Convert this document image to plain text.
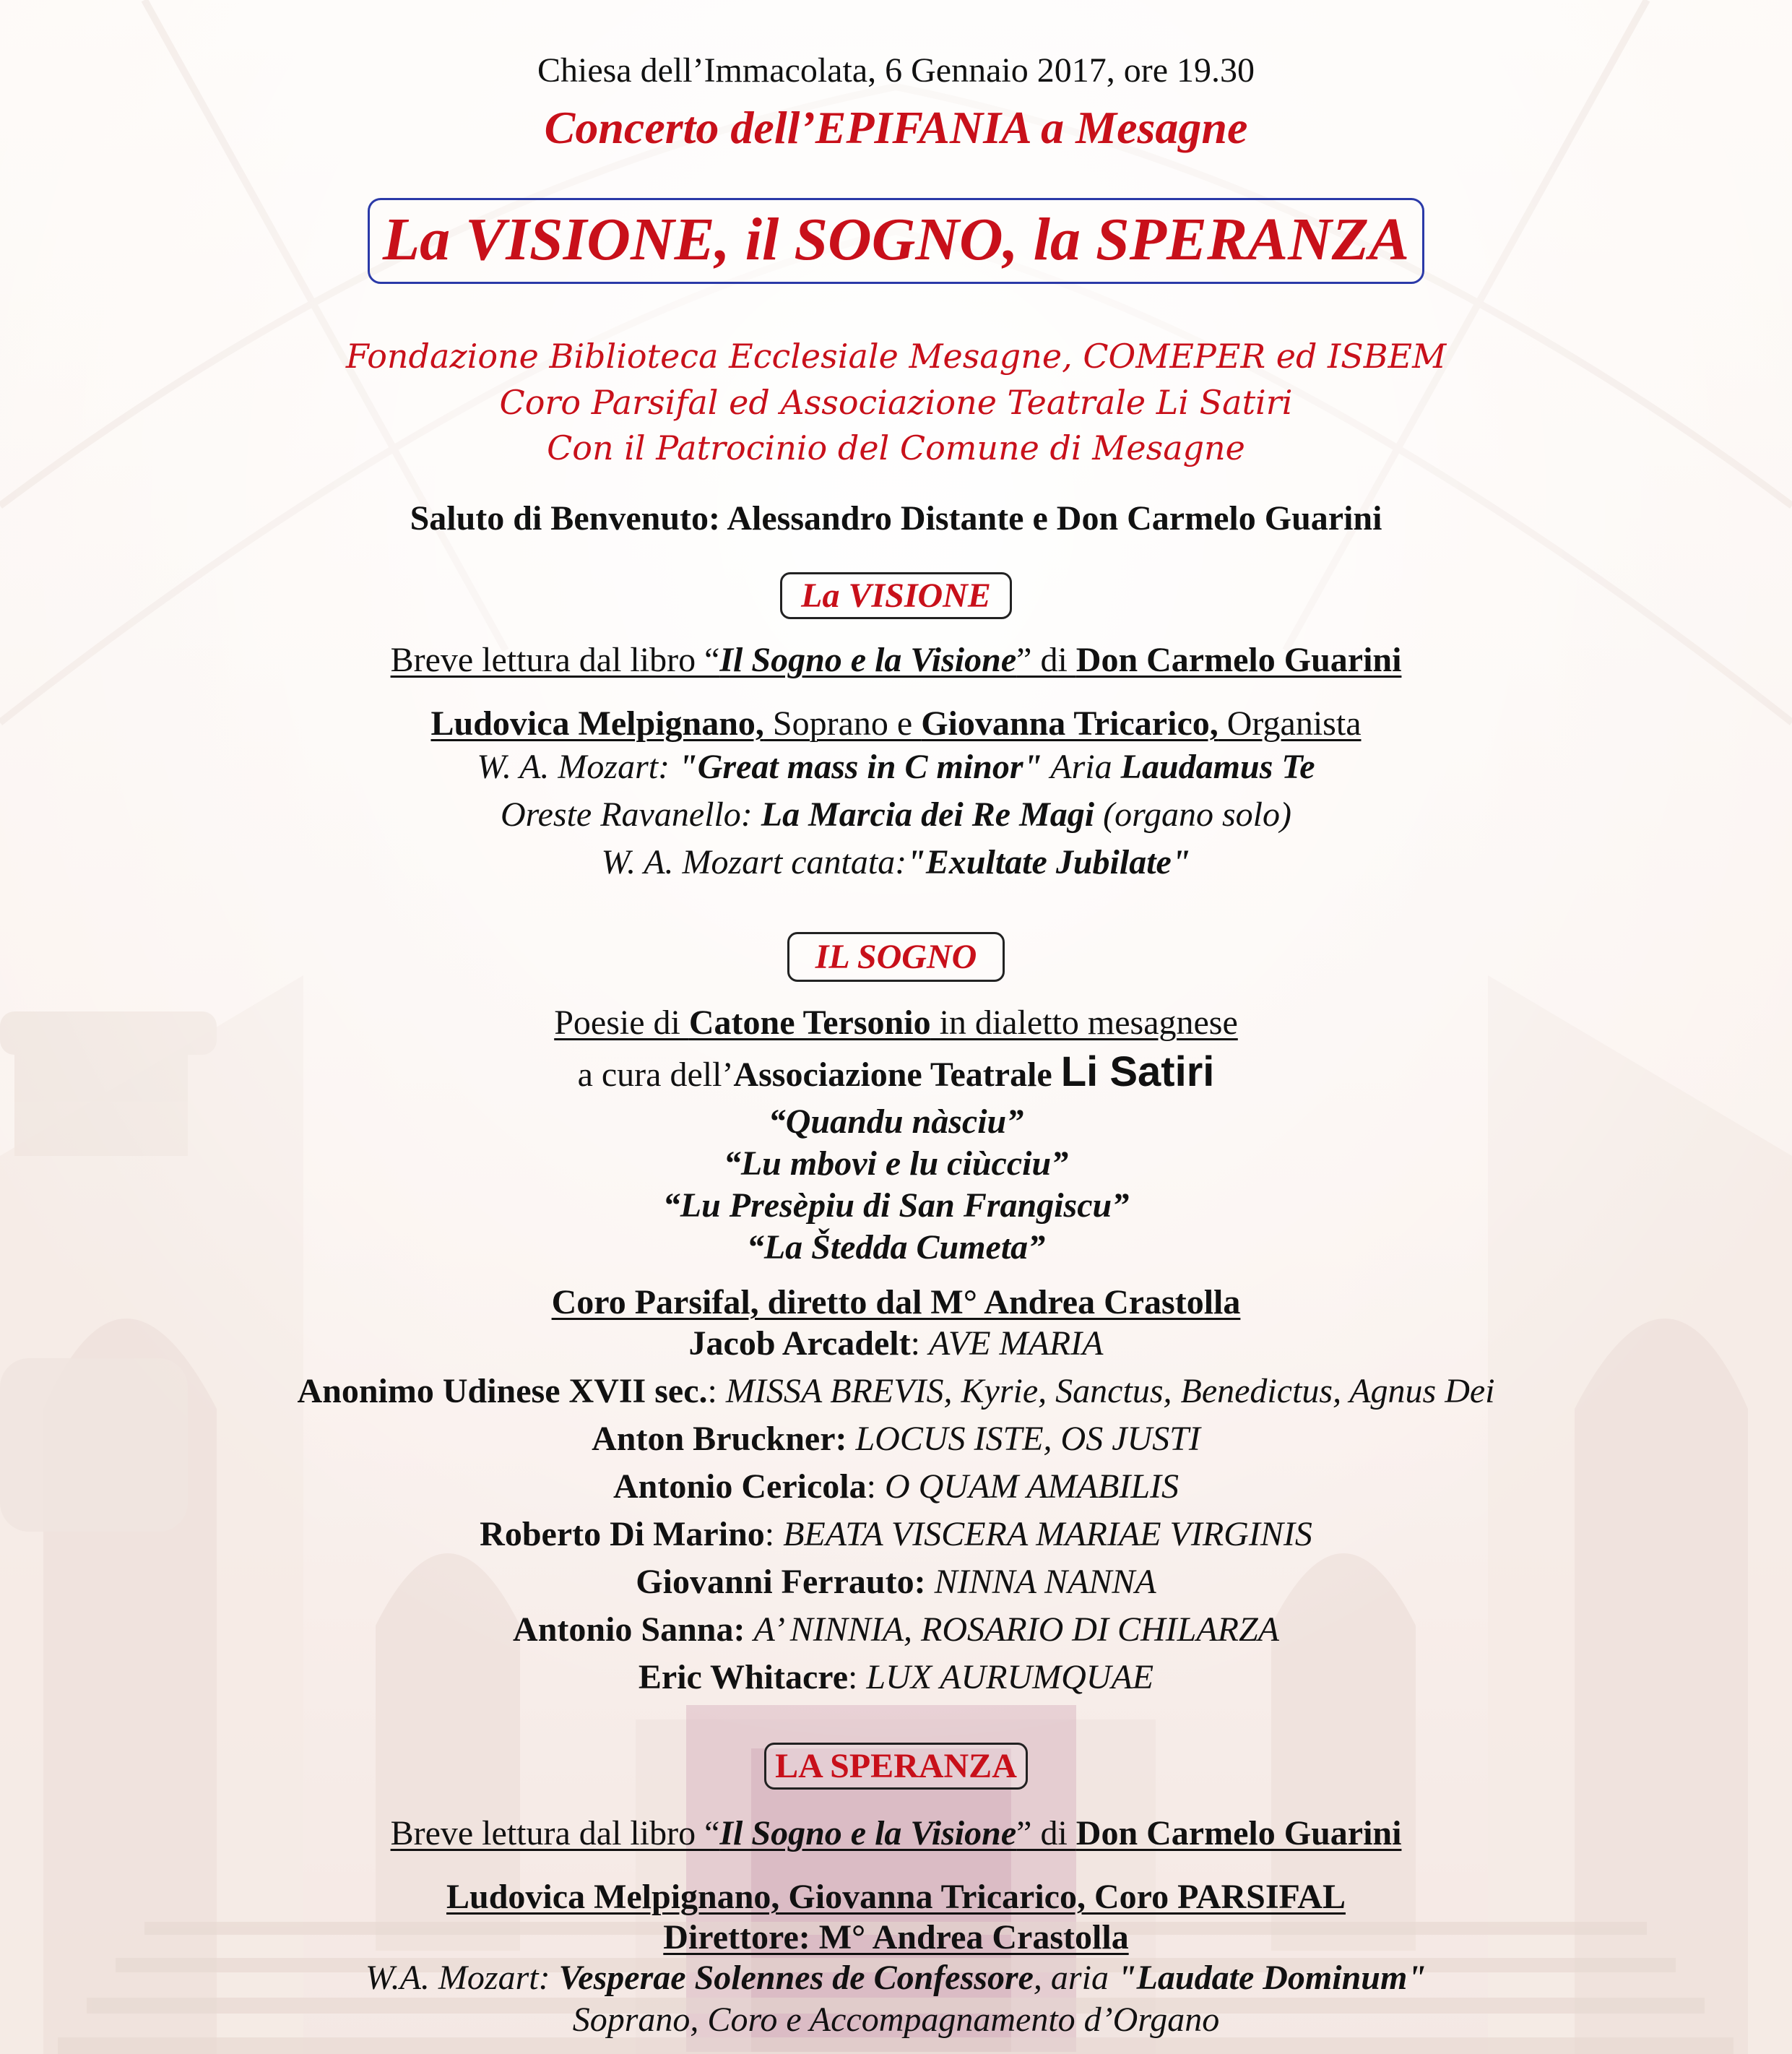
Chiesa dell’Immacolata, 6 Gennaio 2017, ore 19.30
Concerto dell’EPIFANIA a Mesagne
La VISIONE, il SOGNO, la SPERANZA
Fondazione Biblioteca Ecclesiale Mesagne, COMEPER ed ISBEM
Coro Parsifal ed Associazione Teatrale Li Satiri
Con il Patrocinio del Comune di Mesagne
Saluto di Benvenuto: Alessandro Distante e Don Carmelo Guarini
La VISIONE
Breve lettura dal libro “Il Sogno e la Visione” di Don Carmelo Guarini
Ludovica Melpignano, Soprano e Giovanna Tricarico, Organista
W. A. Mozart: "Great mass in C minor" Aria Laudamus Te
Oreste Ravanello: La Marcia dei Re Magi (organo solo)
W. A. Mozart cantata:"Exultate Jubilate"
IL SOGNO
Poesie di Catone Tersonio in dialetto mesagnese
a cura dell’Associazione Teatrale Li Satiri
“Quandu nàsciu”
“Lu mbovi e lu ciùcciu”
“Lu Presèpiu di San Frangiscu”
“La Štedda Cumeta”
Coro Parsifal, diretto dal M° Andrea Crastolla
Jacob Arcadelt: AVE MARIA
Anonimo Udinese XVII sec.: MISSA BREVIS, Kyrie, Sanctus, Benedictus, Agnus Dei
Anton Bruckner: LOCUS ISTE, OS JUSTI
Antonio Cericola: O QUAM AMABILIS
Roberto Di Marino: BEATA VISCERA MARIAE VIRGINIS
Giovanni Ferrauto: NINNA NANNA
Antonio Sanna: A’ NINNIA, ROSARIO DI CHILARZA
Eric Whitacre: LUX AURUMQUAE
LA SPERANZA
Breve lettura dal libro “Il Sogno e la Visione” di Don Carmelo Guarini
Ludovica Melpignano, Giovanna Tricarico, Coro PARSIFAL
Direttore: M° Andrea Crastolla
W.A. Mozart: Vesperae Solennes de Confessore, aria "Laudate Dominum"
Soprano, Coro e Accompagnamento d’Organo
